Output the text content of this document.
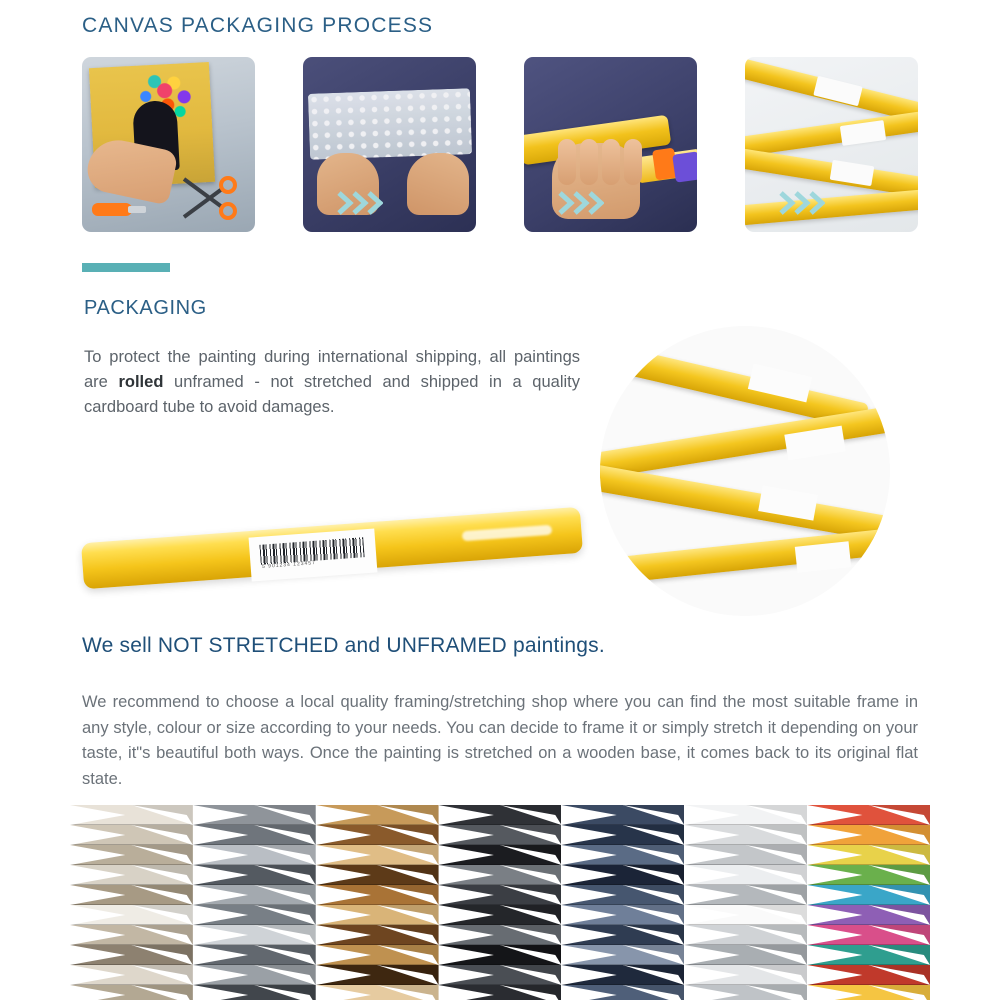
CANVAS PACKAGING PROCESS
PACKAGING
To protect the painting during international shipping, all paintings are rolled unframed - not stretched and shipped in a quality cardboard tube to avoid damages.
5 901234 123457
We sell NOT STRETCHED and UNFRAMED paintings.
We recommend to choose a local quality framing/stretching shop where you can find the most suitable frame in any style, colour or size according to your needs. You can decide to frame it or simply stretch it depending on your taste, it"s beautiful both ways. Once the painting is stretched on a wooden base, it comes back to its original flat state.
